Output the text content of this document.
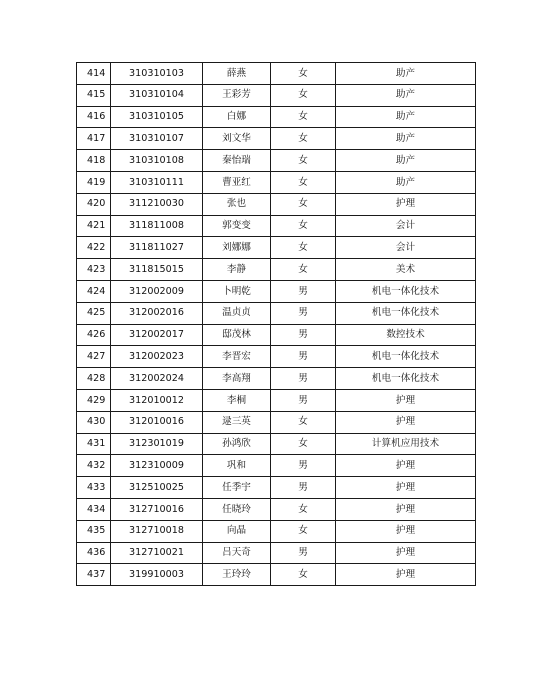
414	310310103	薛燕	女	助产
415	310310104	王彩芳	女	助产
416	310310105	白娜	女	助产
417	310310107	刘文华	女	助产
418	310310108	秦怡瑞	女	助产
419	310310111	曹亚红	女	助产
420	311210030	张也	女	护理
421	311811008	郭变变	女	会计
422	311811027	刘娜娜	女	会计
423	311815015	李静	女	美术
424	312002009	卜明乾	男	机电一体化技术
425	312002016	温贞贞	男	机电一体化技术
426	312002017	邸茂林	男	数控技术
427	312002023	李晋宏	男	机电一体化技术
428	312002024	李高翔	男	机电一体化技术
429	312010012	李桐	男	护理
430	312010016	逯三英	女	护理
431	312301019	孙鸿欣	女	计算机应用技术
432	312310009	巩和	男	护理
433	312510025	任季宇	男	护理
434	312710016	任晓玲	女	护理
435	312710018	向晶	女	护理
436	312710021	吕天奇	男	护理
437	319910003	王玲玲	女	护理
